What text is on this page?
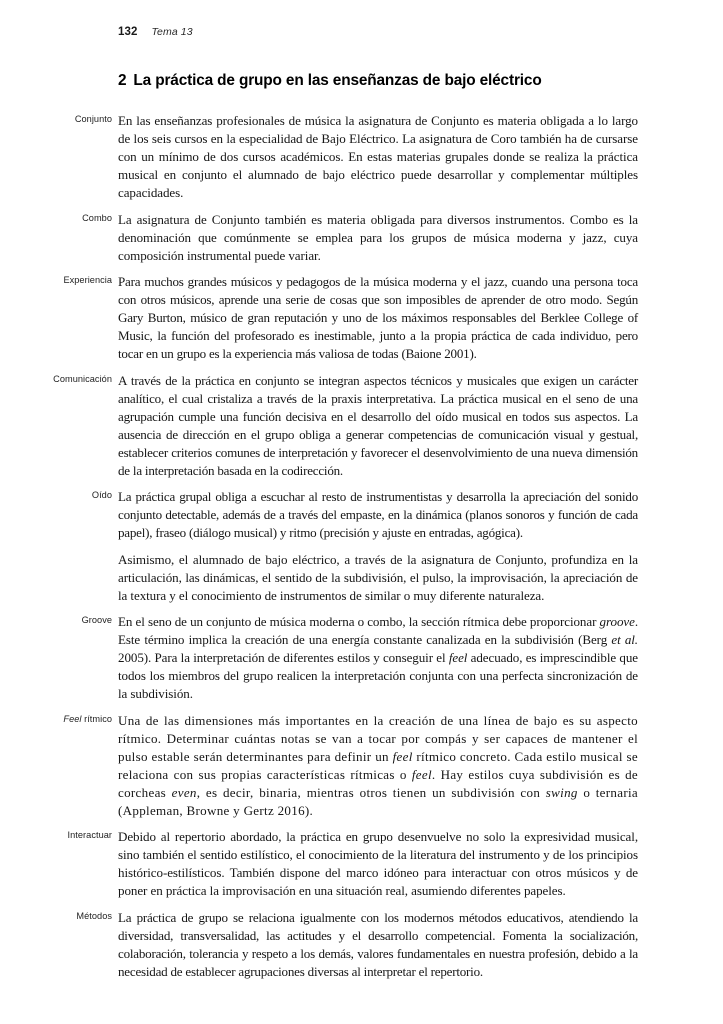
132 Tema 13
2 La práctica de grupo en las enseñanzas de bajo eléctrico
Conjunto En las enseñanzas profesionales de música la asignatura de Conjunto es materia obligada a lo largo de los seis cursos en la especialidad de Bajo Eléctrico. La asignatura de Coro también ha de cursarse con un mínimo de dos cursos académicos. En estas materias grupales donde se realiza la práctica musical en conjunto el alumnado de bajo eléctrico puede desarrollar y complementar múltiples capacidades.

Combo La asignatura de Conjunto también es materia obligada para diversos instrumentos. Combo es la denominación que comúnmente se emplea para los grupos de música moderna y jazz, cuya composición instrumental puede variar.

Experiencia Para muchos grandes músicos y pedagogos de la música moderna y el jazz, cuando una persona toca con otros músicos, aprende una serie de cosas que son imposibles de aprender de otro modo. Según Gary Burton, músico de gran reputación y uno de los máximos responsables del Berklee College of Music, la función del profesorado es inestimable, junto a la propia práctica de cada individuo, pero tocar en un grupo es la experiencia más valiosa de todas (Baione 2001).

Comunicación A través de la práctica en conjunto se integran aspectos técnicos y musicales que exigen un carácter analítico, el cual cristaliza a través de la praxis interpretativa. La práctica musical en el seno de una agrupación cumple una función decisiva en el desarrollo del oído musical en todos sus aspectos. La ausencia de dirección en el grupo obliga a generar competencias de comunicación visual y gestual, establecer criterios comunes de interpretación y favorecer el desenvolvimiento de una nueva dimensión de la interpretación basada en la codirección.

Oído La práctica grupal obliga a escuchar al resto de instrumentistas y desarrolla la apreciación del sonido conjunto detectable, además de a través del empaste, en la dinámica (planos sonoros y función de cada papel), fraseo (diálogo musical) y ritmo (precisión y ajuste en entradas, agógica).

Asimismo, el alumnado de bajo eléctrico, a través de la asignatura de Conjunto, profundiza en la articulación, las dinámicas, el sentido de la subdivisión, el pulso, la improvisación, la apreciación de la textura y el conocimiento de instrumentos de similar o muy diferente naturaleza.

Groove En el seno de un conjunto de música moderna o combo, la sección rítmica debe proporcionar groove. Este término implica la creación de una energía constante canalizada en la subdivisión (Berg et al. 2005). Para la interpretación de diferentes estilos y conseguir el feel adecuado, es imprescindible que todos los miembros del grupo realicen la interpretación conjunta con una perfecta sincronización de la subdivisión.

Feel rítmico Una de las dimensiones más importantes en la creación de una línea de bajo es su aspecto rítmico. Determinar cuántas notas se van a tocar por compás y ser capaces de mantener el pulso estable serán determinantes para definir un feel rítmico concreto. Cada estilo musical se relaciona con sus propias características rítmicas o feel. Hay estilos cuya subdivisión es de corcheas even, es decir, binaria, mientras otros tienen un subdivisión con swing o ternaria (Appleman, Browne y Gertz 2016).

Interactuar Debido al repertorio abordado, la práctica en grupo desenvuelve no solo la expresividad musical, sino también el sentido estilístico, el conocimiento de la literatura del instrumento y de los principios histórico-estilísticos. También dispone del marco idóneo para interactuar con otros músicos y de poner en práctica la improvisación en una situación real, asumiendo diferentes papeles.

Métodos La práctica de grupo se relaciona igualmente con los modernos métodos educativos, atendiendo la diversidad, transversalidad, las actitudes y el desarrollo competencial. Fomenta la socialización, colaboración, tolerancia y respeto a los demás, valores fundamentales en nuestra profesión, debido a la necesidad de establecer agrupaciones diversas al interpretar el repertorio.
